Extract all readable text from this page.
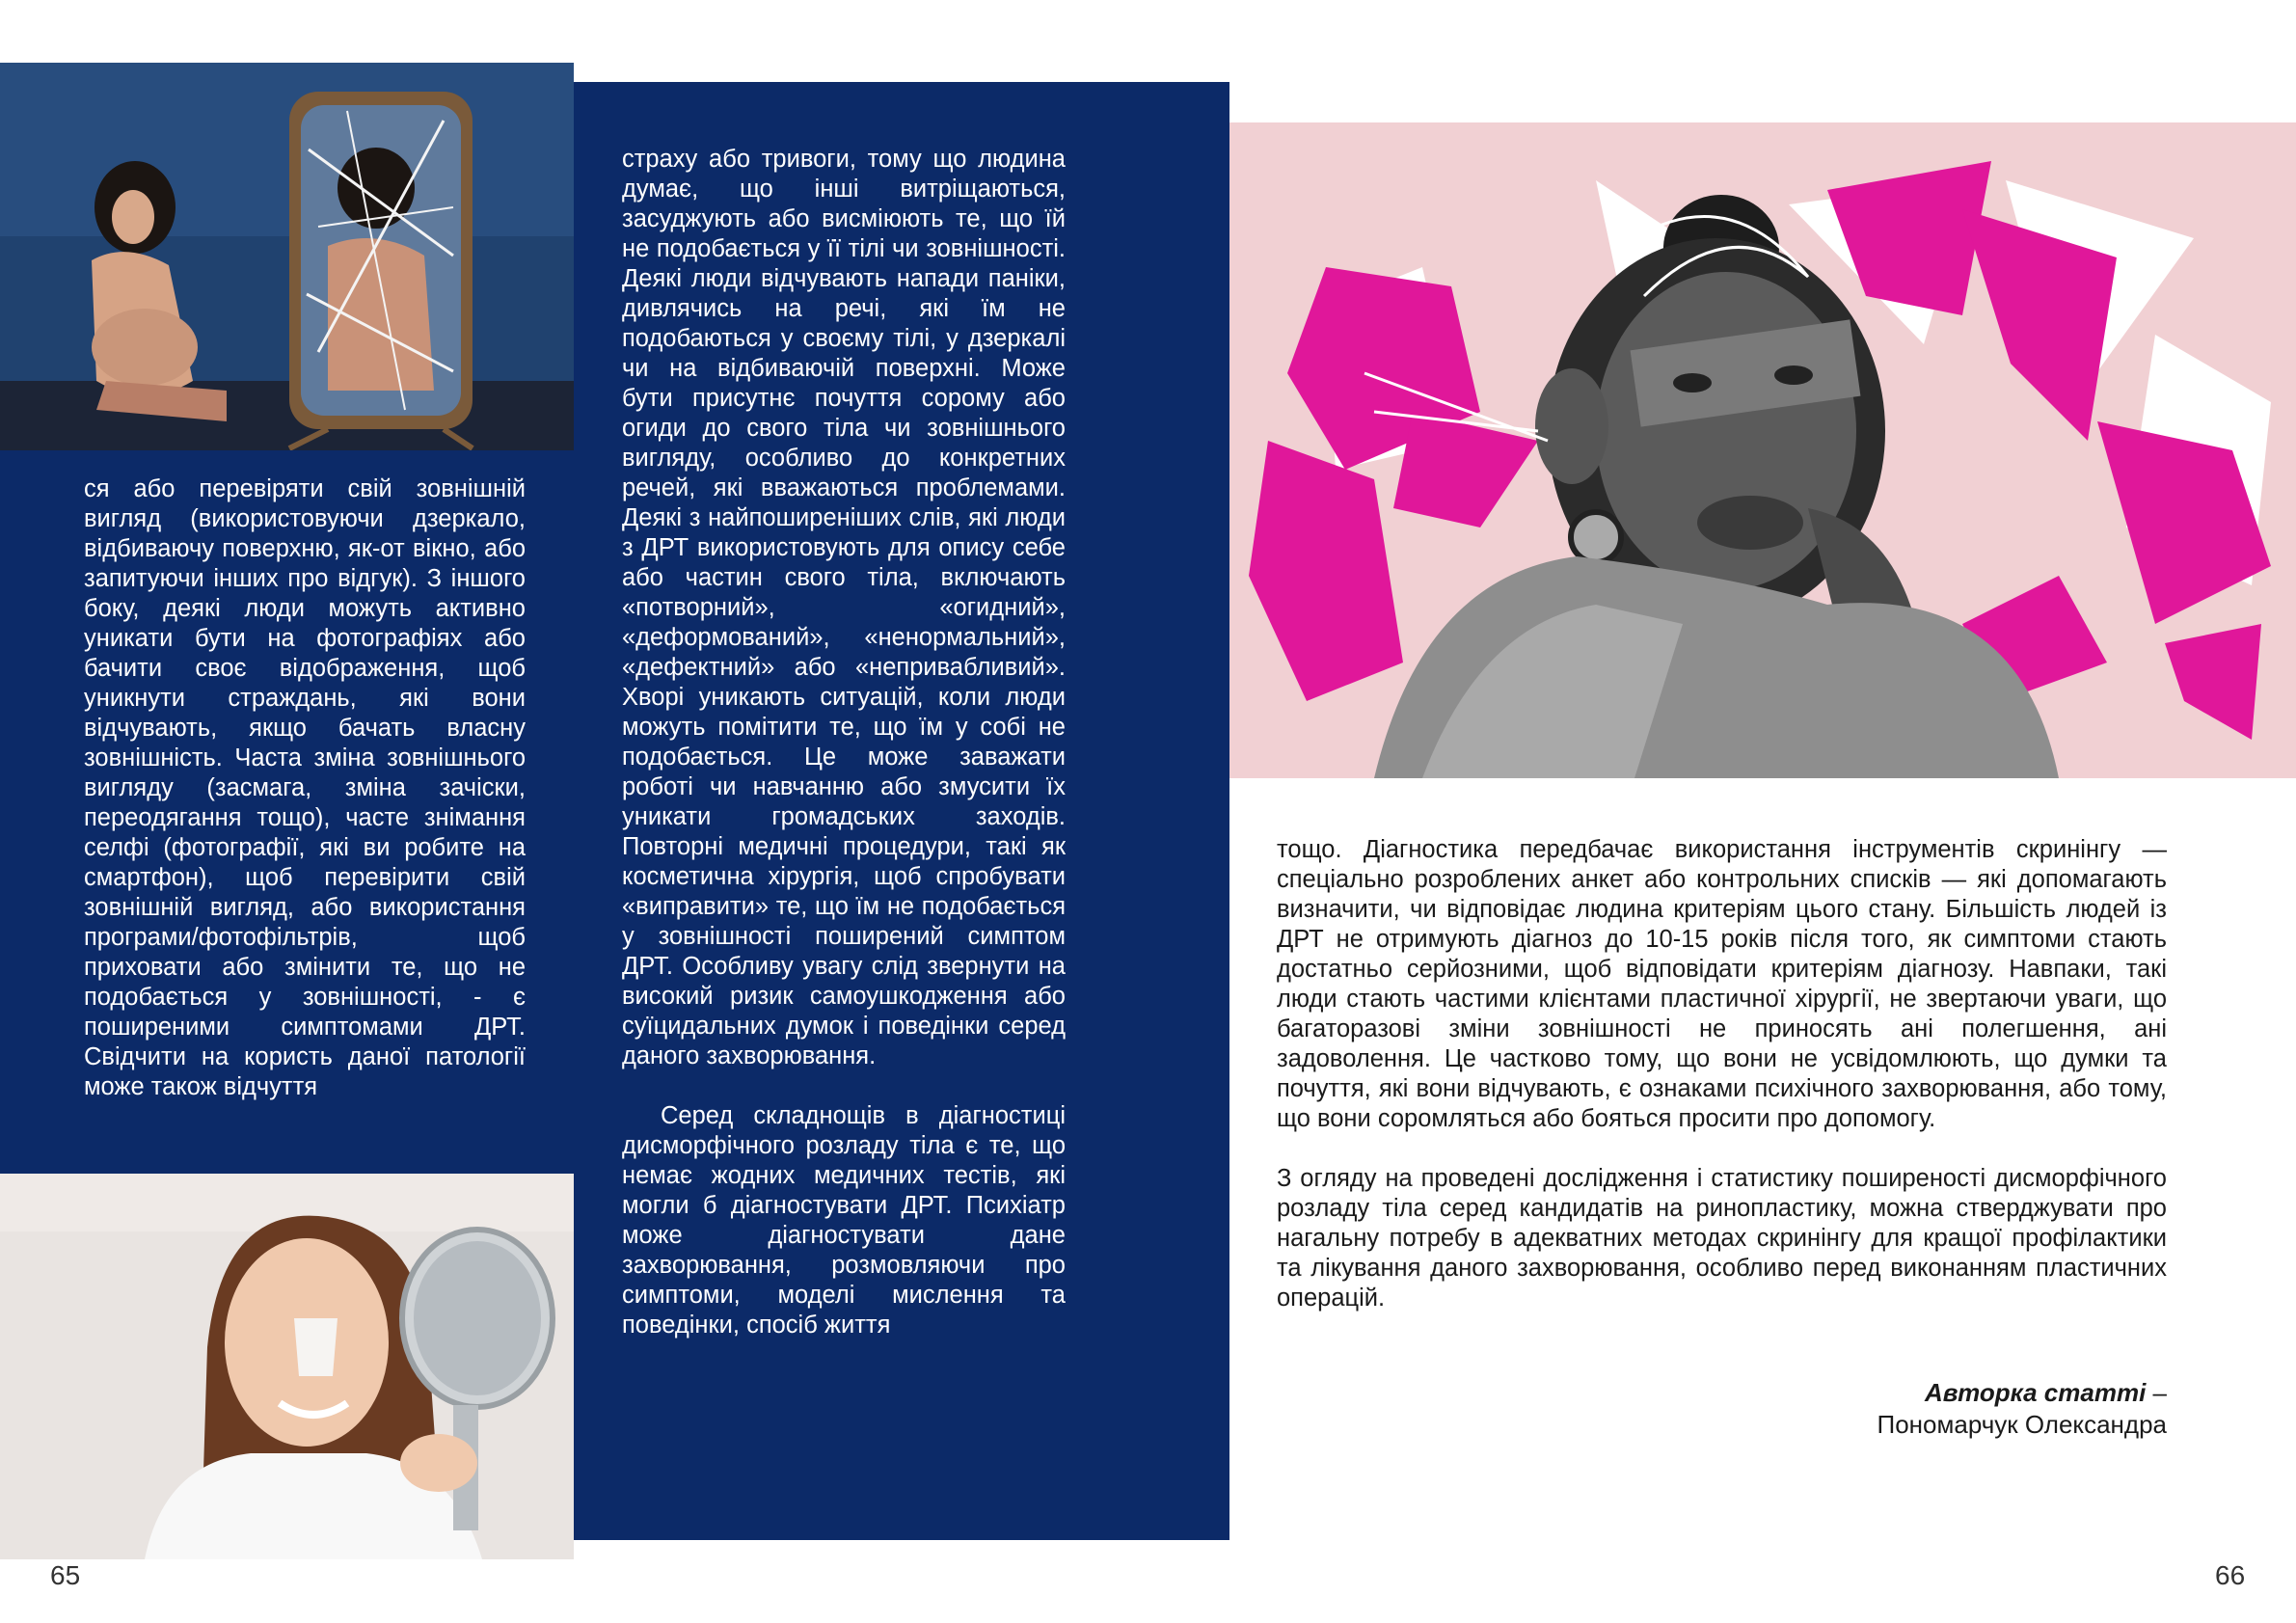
ся або перевіряти свій зовнішній вигляд (використовуючи дзеркало, відбиваючу поверхню, як-от вікно, або запитуючи інших про відгук). З іншого боку, деякі люди можуть активно уникати бути на фотографіях або бачити своє відображення, щоб уникнути страждань, які вони відчувають, якщо бачать власну зовнішність. Часта зміна зовнішнього вигляду (засмага, зміна зачіски, переодягання тощо), часте знімання селфі (фотографії, які ви робите на смартфон), щоб перевірити свій зовнішній вигляд, або використання програми/фотофільтрів, щоб приховати або змінити те, що не подобається у зовнішності, - є поширеними симптомами ДРТ. Свідчити на користь даної патології може також відчуття

65

страху або тривоги, тому що людина думає, що інші витріщаються, засуджують або висміюють те, що їй не подобається у її тілі чи зовнішності. Деякі люди відчувають напади паніки, дивлячись на речі, які їм не подобаються у своєму тілі, у дзеркалі чи на відбиваючій поверхні. Може бути присутнє почуття сорому або огиди до свого тіла чи зовнішнього вигляду, особливо до конкретних речей, які вважаються проблемами. Деякі з найпоширеніших слів, які люди з ДРТ використовують для опису себе або частин свого тіла, включають «потворний», «огидний», «деформований», «ненормальний», «дефектний» або «непривабливий». Хворі уникають ситуацій, коли люди можуть помітити те, що їм у собі не подобається. Це може заважати роботі чи навчанню або змусити їх уникати громадських заходів. Повторні медичні процедури, такі як косметична хірургія, щоб спробувати «виправити» те, що їм не подобається у зовнішності поширений симптом ДРТ. Особливу увагу слід звернути на високий ризик самоушкодження або суїцидальних думок і поведінки серед даного захворювання.

Серед складнощів в діагностиці дисморфічного розладу тіла є те, що немає жодних медичних тестів, які могли б діагностувати ДРТ. Психіатр може діагностувати дане захворювання, розмовляючи про симптоми, моделі мислення та поведінки, спосіб життя

тощо. Діагностика передбачає використання інструментів скринінгу — спеціально розроблених анкет або контрольних списків — які допомагають визначити, чи відповідає людина критеріям цього стану. Більшість людей із ДРТ не отримують діагноз до 10-15 років після того, як симптоми стають достатньо серйозними, щоб відповідати критеріям діагнозу. Навпаки, такі люди стають частими клієнтами пластичної хірургії, не звертаючи уваги, що багаторазові зміни зовнішності не приносять ані полегшення, ані задоволення. Це частково тому, що вони не усвідомлюють, що думки та почуття, які вони відчувають, є ознаками психічного захворювання, або тому, що вони соромляться або бояться просити про допомогу.

З огляду на проведені дослідження і статистику поширеності дисморфічного розладу тіла серед кандидатів на ринопластику, можна стверджувати про нагальну потребу в адекватних методах скринінгу для кращої профілактики та лікування даного захворювання, особливо перед виконанням пластичних операцій.

Авторка статті –
Пономарчук Олександра
66
